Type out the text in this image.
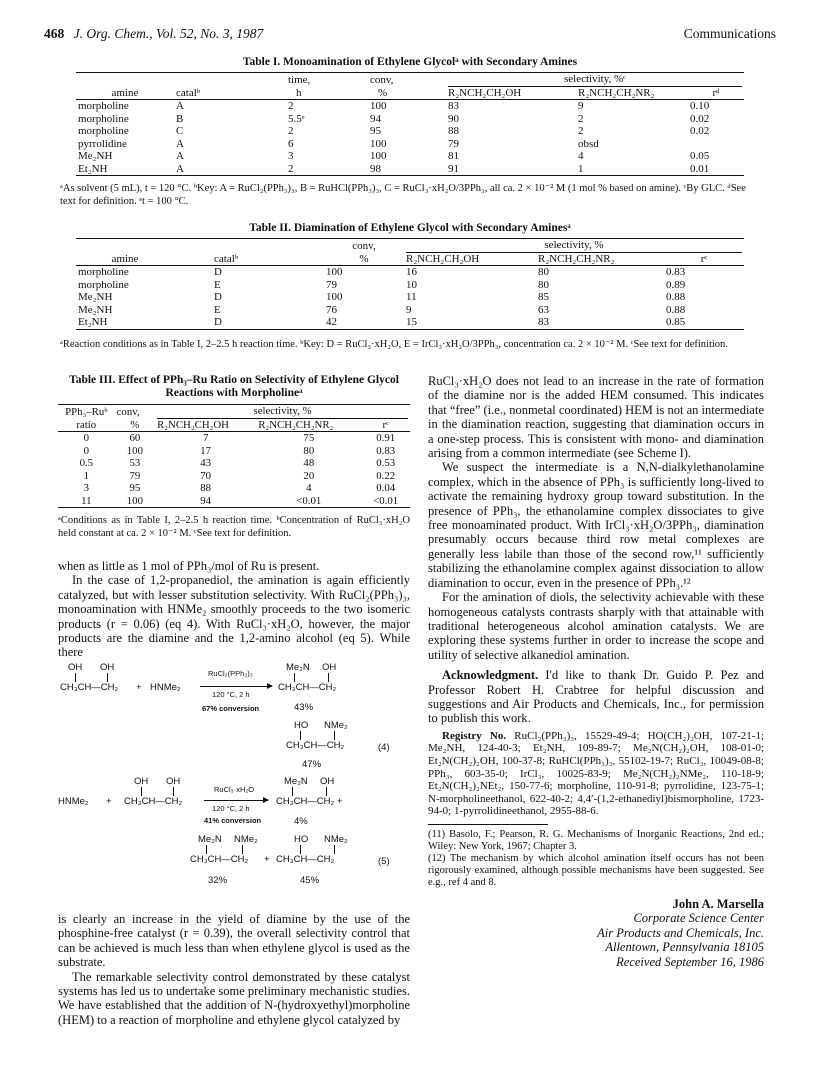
468 J. Org. Chem., Vol. 52, No. 3, 1987	Communications
Table I. Monoamination of Ethylene Glycolᵃ with Secondary Amines
		time,	conv,	selectivity, %ᶜ		

amine	catalᵇ	h	%	R₂NCH₂CH₂OH	R₂NCH₂CH₂NR₂	rᵈ
morpholine	A	2	100	83	9	0.10
morpholine	B	5.5ᵉ	94	90	2	0.02
morpholine	C	2	95	88	2	0.02
pyrrolidine	A	6	100	79	obsd	
Me₂NH	A	3	100	81	4	0.05
Et₂NH	A	2	98	91	1	0.01
ᵃAs solvent (5 mL), t = 120 °C. ᵇKey: A = RuCl₂(PPh₃)₃, B = RuHCl(PPh₃)₃, C = RuCl₃·xH₂O/3PPh₃, all ca. 2 × 10⁻² M (1 mol % based on amine). ᶜBy GLC. ᵈSee text for definition. ᵉt = 100 °C.
Table II. Diamination of Ethylene Glycol with Secondary Aminesᵃ
		conv,	selectivity, %		

amine	catalᵇ	%	R₂NCH₂CH₂OH	R₂NCH₂CH₂NR₂	rᶜ
morpholine	D	100	16	80	0.83
morpholine	E	79	10	80	0.89
Me₂NH	D	100	11	85	0.88
Me₂NH	E	76	9	63	0.88
Et₂NH	D	42	15	83	0.85
ᵃReaction conditions as in Table I, 2–2.5 h reaction time. ᵇKey: D = RuCl₃·xH₂O, E = IrCl₃·xH₂O/3PPh₃, concentration ca. 2 × 10⁻² M. ᶜSee text for definition.
Table III. Effect of PPh₃–Ru Ratio on Selectivity of Ethylene Glycol Reactions with Morpholineᵃ
PPh₃–Ruᵇ	conv,	selectivity, %		

ratio	%	R₂NCH₂CH₂OH	R₂NCH₂CH₂NR₂	rᶜ
0	60	7	75	0.91
0	100	17	80	0.83
0.5	53	43	48	0.53
1	79	70	20	0.22
3	95	88	4	0.04
11	100	94	<0.01	<0.01
ᵃConditions as in Table I, 2–2.5 h reaction time. ᵇConcentration of RuCl₃·xH₂O held constant at ca. 2 × 10⁻² M. ᶜSee text for definition.

when as little as 1 mol of PPh₃/mol of Ru is present.

In the case of 1,2-propanediol, the amination is again efficiently catalyzed, but with lesser substitution selectivity. With RuCl₂(PPh₃)₃, monoamination with HNMe₂ smoothly proceeds to the two isomeric products (r = 0.06) (eq 4). With RuCl₃·xH₂O, however, the major products are the diamine and the 1,2-amino alcohol (eq 5). While there

OH OH
CH₃CH—CH₂ + HNMe₂
RuCl₂(PPh₃)₃
120 °C, 2 h
67% conversion
Me₂N OH
CH₃CH—CH₂
43%
HO NMe₂
CH₃CH—CH₂	(4)
47%
OH OH
HNMe₂ + CH₃CH—CH₂
RuCl₃·xH₂O
120 °C, 2 h
41% conversion
Me₂N OH
CH₃CH—CH₂ +
4%
Me₂N NMe₂
CH₃CH—CH₂ +
HO NMe₂
CH₃CH—CH₂	(5)
32%	45%

is clearly an increase in the yield of diamine by the use of the phosphine-free catalyst (r = 0.39), the overall selectivity control that can be achieved is much less than when ethylene glycol is used as the substrate.

The remarkable selectivity control demonstrated by these catalyst systems has led us to undertake some preliminary mechanistic studies. We have established that the addition of N-(hydroxyethyl)morpholine (HEM) to a reaction of morpholine and ethylene glycol catalyzed by

RuCl₃·xH₂O does not lead to an increase in the rate of formation of the diamine nor is the added HEM consumed. This indicates that “free” (i.e., nonmetal coordinated) HEM is not an intermediate in the diamination reaction, suggesting that diamination occurs in a one-step process. This is consistent with mono- and diamination arising from a common intermediate (see Scheme I).

We suspect the intermediate is a N,N-dialkylethanolamine complex, which in the absence of PPh₃ is sufficiently long-lived to activate the remaining hydroxy group toward substitution. In the presence of PPh₃, the ethanolamine complex dissociates to give free monoaminated product. With IrCl₃·xH₂O/3PPh₃, diamination presumably occurs because third row metal complexes are generally less labile than those of the second row,¹¹ sufficiently stabilizing the ethanolamine complex against dissociation to allow diamination to occur, even in the presence of PPh₃.¹²

For the amination of diols, the selectivity achievable with these homogeneous catalysts contrasts sharply with that attainable with traditional heterogeneous alcohol amination catalysts. We are exploring these systems further in order to increase the scope and utility of selective alkanediol amination.

Acknowledgment. I'd like to thank Dr. Guido P. Pez and Professor Robert H. Crabtree for helpful discussion and suggestions and Air Products and Chemicals, Inc., for permission to publish this work.

Registry No. RuCl₂(PPh₃)₃, 15529-49-4; HO(CH₂)₂OH, 107-21-1; Me₂NH, 124-40-3; Et₂NH, 109-89-7; Me₂N(CH₂)₂OH, 108-01-0; Et₂N(CH₂)₂OH, 100-37-8; RuHCl(PPh₃)₃, 55102-19-7; RuCl₃, 10049-08-8; PPh₃, 603-35-0; IrCl₃, 10025-83-9; Me₂N(CH₂)₂NMe₂, 110-18-9; Et₂N(CH₂)₂NEt₂, 150-77-6; morpholine, 110-91-8; pyrrolidine, 123-75-1; N-morpholineethanol, 622-40-2; 4,4′-(1,2-ethanediyl)bismorpholine, 1723-94-0; 1-pyrrolidineethanol, 2955-88-6.

(11) Basolo, F.; Pearson, R. G. Mechanisms of Inorganic Reactions, 2nd ed.; Wiley: New York, 1967; Chapter 3.

(12) The mechanism by which alcohol amination itself occurs has not been rigorously examined, although possible mechanisms have been suggested. See e.g., ref 4 and 8.

John A. Marsella
Corporate Science Center
Air Products and Chemicals, Inc.
Allentown, Pennsylvania 18105
Received September 16, 1986
